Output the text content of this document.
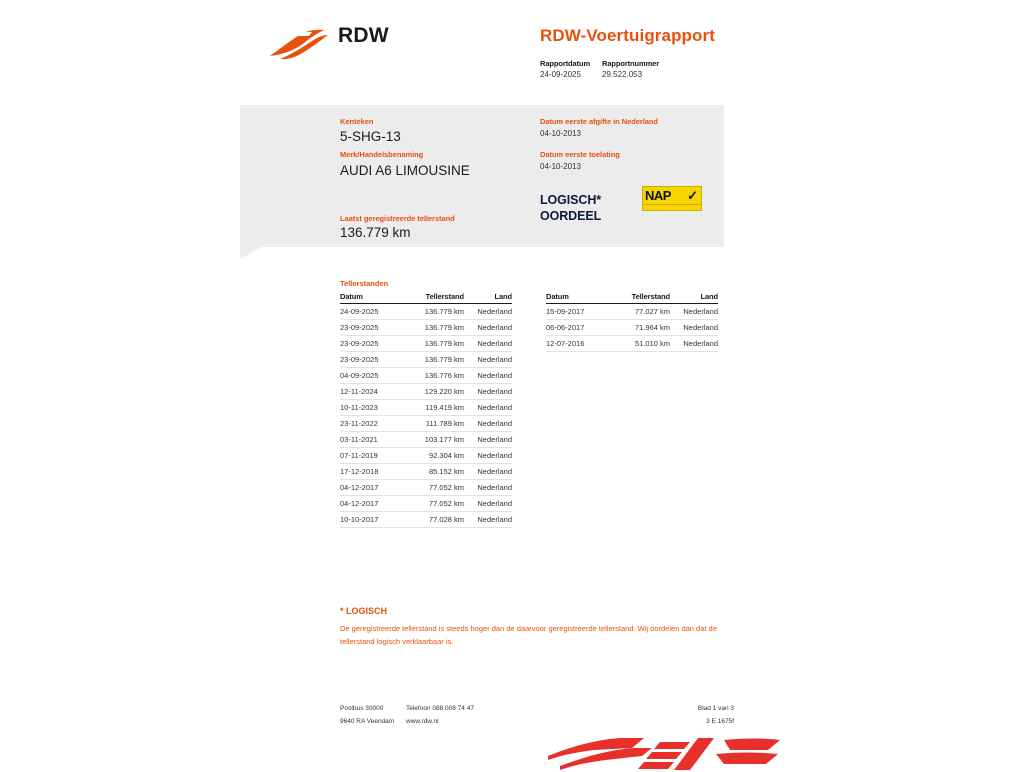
RDW	RDW-Voertuigrapport
Rapportdatum
24-09-2025
Rapportnummer
29.522.053
Kenteken
5-SHG-13
Merk/Handelsbenaming
AUDI A6 LIMOUSINE
Laatst geregistreerde tellerstand
136.779 km
Datum eerste afgifte in Nederland
04-10-2013
Datum eerste toelating
04-10-2013
LOGISCH*
OORDEEL
NAP ✓
Tellerstanden
Datum	Tellerstand	Land
24-09-2025	136.779 km	Nederland
23-09-2025	136.779 km	Nederland
23-09-2025	136.779 km	Nederland
23-09-2025	136.779 km	Nederland
04-09-2025	136.776 km	Nederland
12-11-2024	129.220 km	Nederland
10-11-2023	119.419 km	Nederland
23-11-2022	111.789 km	Nederland
03-11-2021	103.177 km	Nederland
07-11-2019	92.304 km	Nederland
17-12-2018	85.152 km	Nederland
04-12-2017	77.052 km	Nederland
04-12-2017	77.052 km	Nederland
10-10-2017	77.028 km	Nederland
Datum	Tellerstand	Land
15-09-2017	77.027 km	Nederland
06-06-2017	71.964 km	Nederland
12-07-2016	51.010 km	Nederland
* LOGISCH
De geregistreerde tellerstand is steeds hoger dan de daarvoor geregistreerde tellerstand. Wij oordelen dan dat de tellerstand logisch verklaarbaar is.
Postbus 30000
9640 RA Veendam
Telefoon 088 008 74 47
www.rdw.nl
Blad 1 van 3
3 E 1675f
